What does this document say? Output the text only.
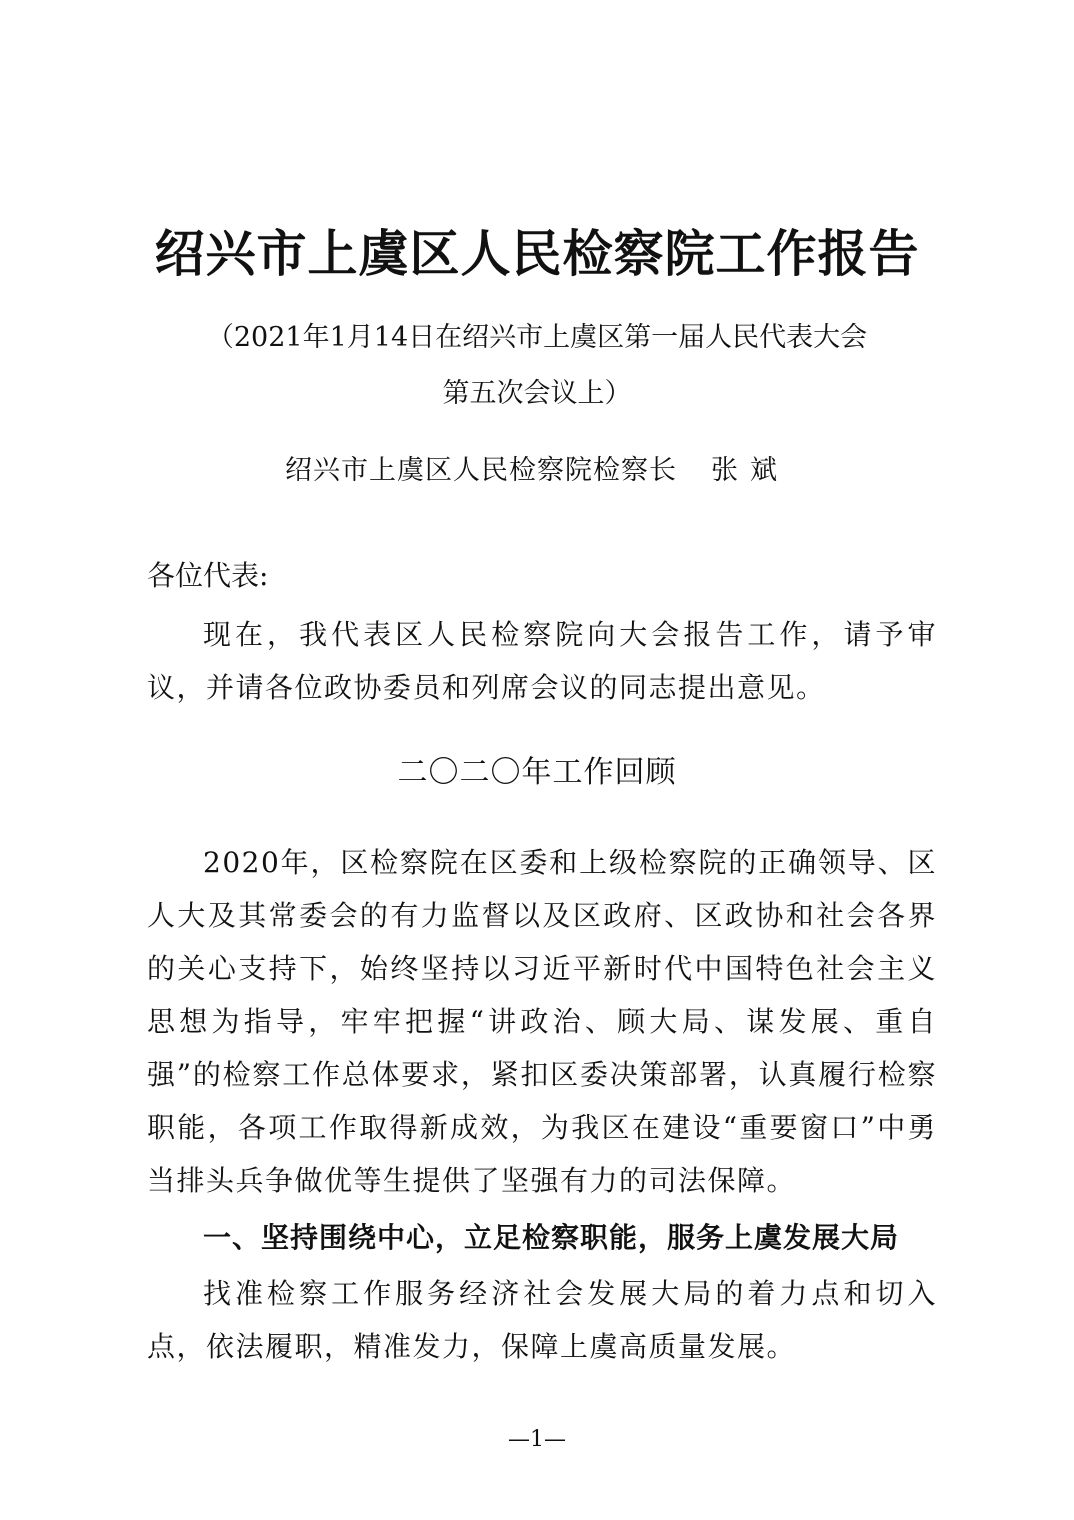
绍兴市上虞区人民检察院工作报告
（2021年1月14日在绍兴市上虞区第一届人民代表大会
第五次会议上）
绍兴市上虞区人民检察院检察长 张斌
各位代表:
现在，我代表区人民检察院向大会报告工作，请予审议，并请各位政协委员和列席会议的同志提出意见。
二〇二〇年工作回顾
2020年，区检察院在区委和上级检察院的正确领导、区人大及其常委会的有力监督以及区政府、区政协和社会各界的关心支持下，始终坚持以习近平新时代中国特色社会主义思想为指导，牢牢把握“讲政治、顾大局、谋发展、重自强”的检察工作总体要求，紧扣区委决策部署，认真履行检察职能，各项工作取得新成效，为我区在建设“重要窗口”中勇当排头兵争做优等生提供了坚强有力的司法保障。
一、坚持围绕中心，立足检察职能，服务上虞发展大局
找准检察工作服务经济社会发展大局的着力点和切入点，依法履职，精准发力，保障上虞高质量发展。
—1—
